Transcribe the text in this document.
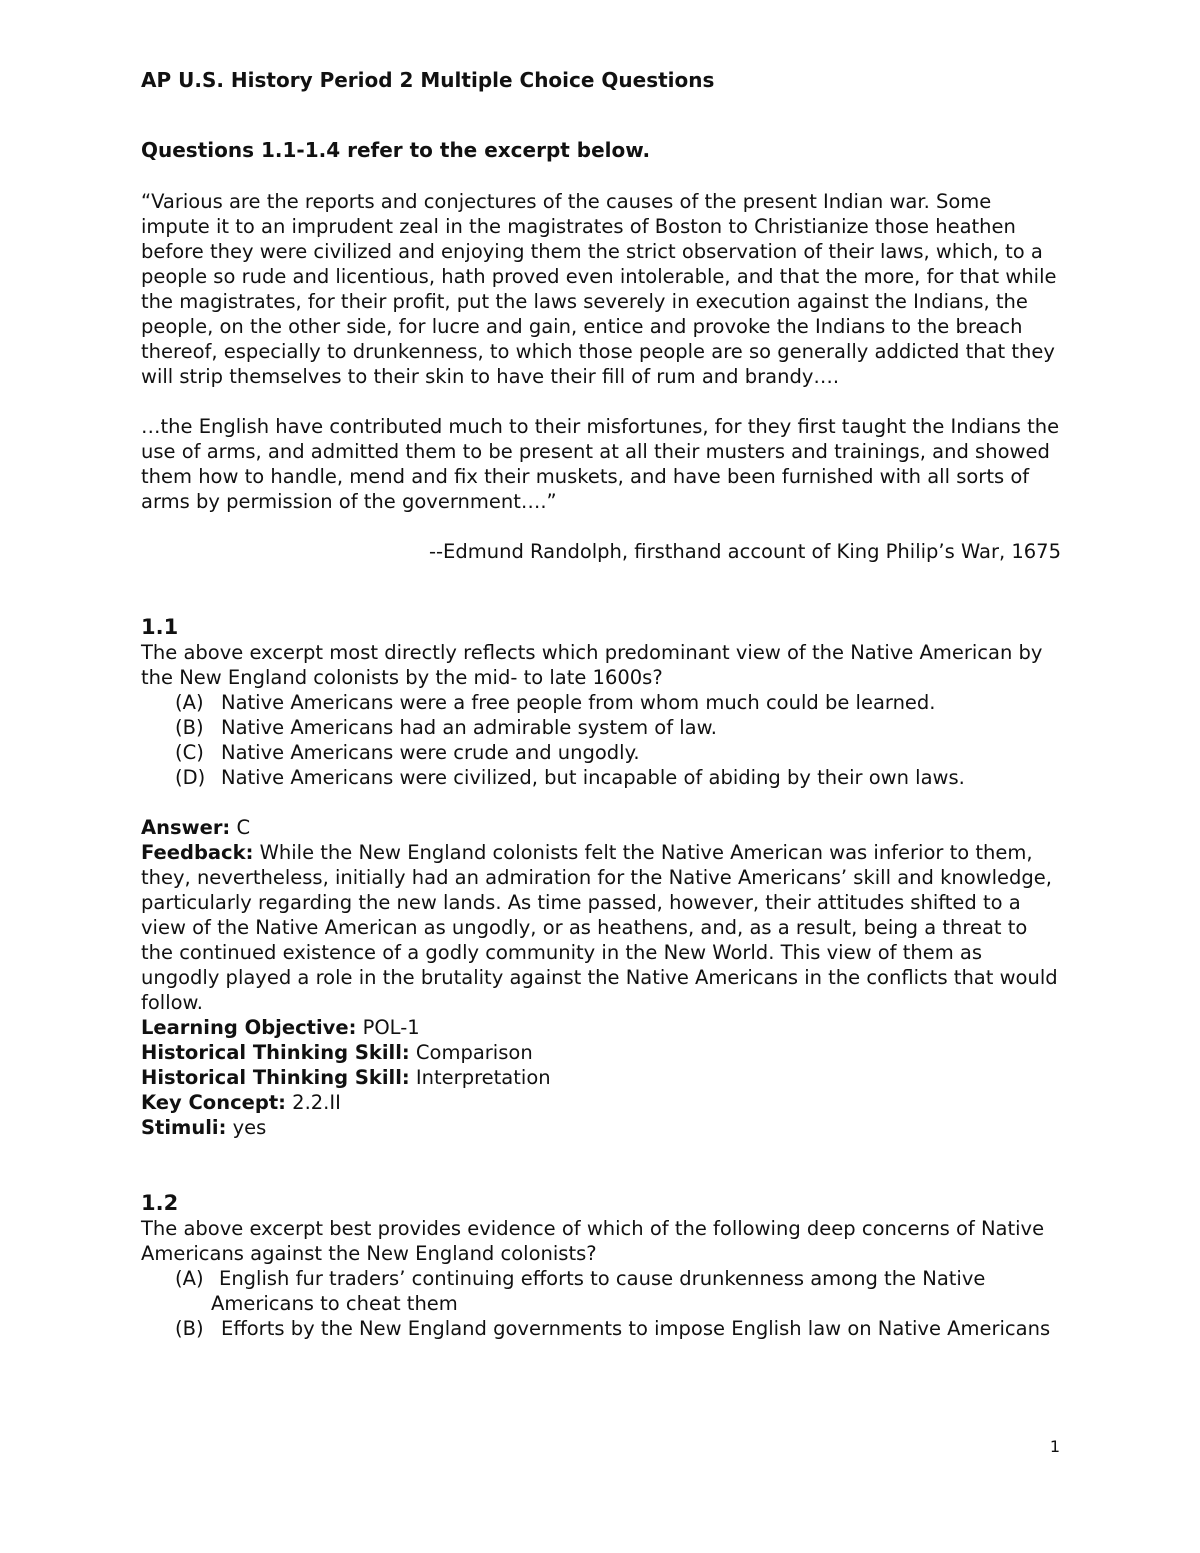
AP U.S. History Period 2 Multiple Choice Questions
Questions 1.1-1.4 refer to the excerpt below.

“Various are the reports and conjectures of the causes of the present Indian war. Some impute it to an imprudent zeal in the magistrates of Boston to Christianize those heathen before they were civilized and enjoying them the strict observation of their laws, which, to a people so rude and licentious, hath proved even intolerable, and that the more, for that while the magistrates, for their profit, put the laws severely in execution against the Indians, the people, on the other side, for lucre and gain, entice and provoke the Indians to the breach thereof, especially to drunkenness, to which those people are so generally addicted that they will strip themselves to their skin to have their fill of rum and brandy….

…the English have contributed much to their misfortunes, for they first taught the Indians the use of arms, and admitted them to be present at all their musters and trainings, and showed them how to handle, mend and fix their muskets, and have been furnished with all sorts of arms by permission of the government….”

--Edmund Randolph, firsthand account of King Philip’s War, 1675
1.1
The above excerpt most directly reflects which predominant view of the Native American by the New England colonists by the mid- to late 1600s?
(A) Native Americans were a free people from whom much could be learned.
(B) Native Americans had an admirable system of law.
(C) Native Americans were crude and ungodly.
(D) Native Americans were civilized, but incapable of abiding by their own laws.

Answer: C

Feedback: While the New England colonists felt the Native American was inferior to them, they, nevertheless, initially had an admiration for the Native Americans’ skill and knowledge, particularly regarding the new lands. As time passed, however, their attitudes shifted to a view of the Native American as ungodly, or as heathens, and, as a result, being a threat to the continued existence of a godly community in the New World. This view of them as ungodly played a role in the brutality against the Native Americans in the conflicts that would follow.

Learning Objective: POL-1

Historical Thinking Skill: Comparison

Historical Thinking Skill: Interpretation

Key Concept: 2.2.II

Stimuli: yes

1.2
The above excerpt best provides evidence of which of the following deep concerns of Native Americans against the New England colonists?
(A) English fur traders’ continuing efforts to cause drunkenness among the Native Americans to cheat them
(B) Efforts by the New England governments to impose English law on Native Americans
1
